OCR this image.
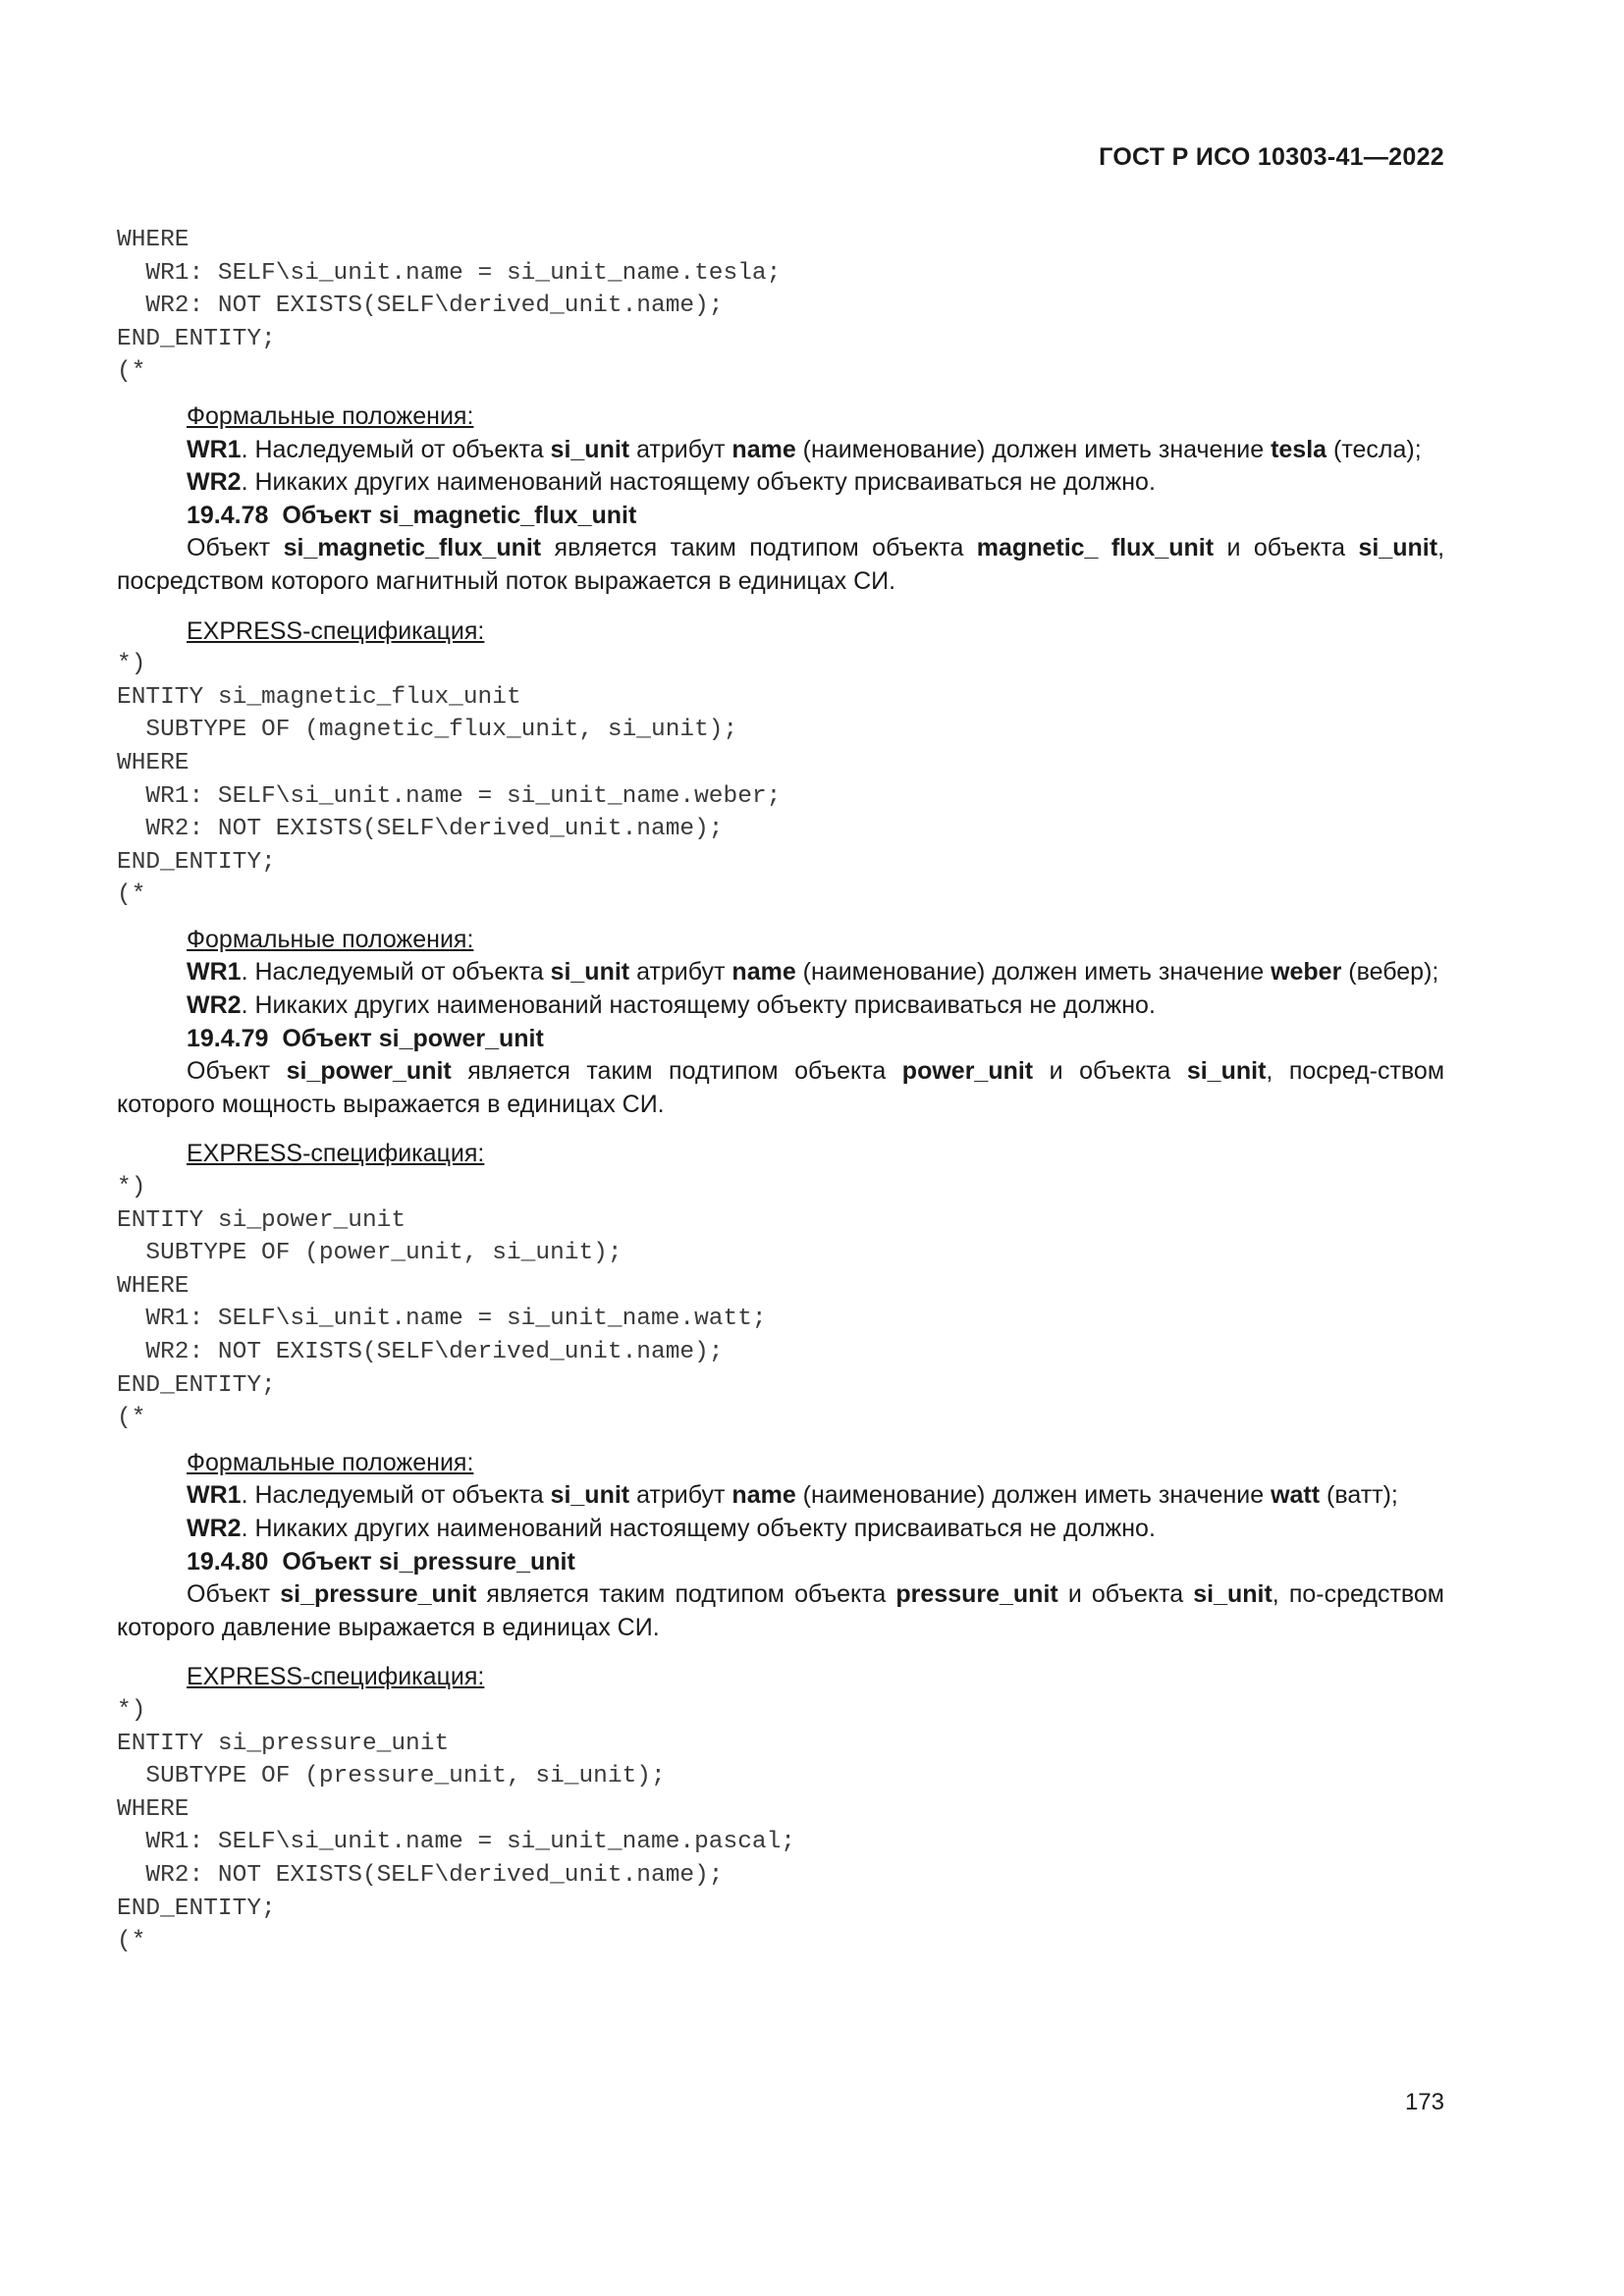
ГОСТ Р ИСО 10303-41—2022
WHERE
WR1: SELF\si_unit.name = si_unit_name.tesla;
WR2: NOT EXISTS(SELF\derived_unit.name);
END_ENTITY;
(*

Формальные положения:

WR1. Наследуемый от объекта si_unit атрибут name (наименование) должен иметь значение tesla (тесла);

WR2. Никаких других наименований настоящему объекту присваиваться не должно.

19.4.78 Объект si_magnetic_flux_unit

Объект si_magnetic_flux_unit является таким подтипом объекта magnetic_ flux_unit и объекта si_unit, посредством которого магнитный поток выражается в единицах СИ.

EXPRESS-спецификация:

*)
ENTITY si_magnetic_flux_unit
SUBTYPE OF (magnetic_flux_unit, si_unit);
WHERE
WR1: SELF\si_unit.name = si_unit_name.weber;
WR2: NOT EXISTS(SELF\derived_unit.name);
END_ENTITY;
(*

Формальные положения:

WR1. Наследуемый от объекта si_unit атрибут name (наименование) должен иметь значение weber (вебер);

WR2. Никаких других наименований настоящему объекту присваиваться не должно.

19.4.79 Объект si_power_unit

Объект si_power_unit является таким подтипом объекта power_unit и объекта si_unit, посред-ством которого мощность выражается в единицах СИ.

EXPRESS-спецификация:

*)
ENTITY si_power_unit
SUBTYPE OF (power_unit, si_unit);
WHERE
WR1: SELF\si_unit.name = si_unit_name.watt;
WR2: NOT EXISTS(SELF\derived_unit.name);
END_ENTITY;
(*

Формальные положения:

WR1. Наследуемый от объекта si_unit атрибут name (наименование) должен иметь значение watt (ватт);

WR2. Никаких других наименований настоящему объекту присваиваться не должно.

19.4.80 Объект si_pressure_unit

Объект si_pressure_unit является таким подтипом объекта pressure_unit и объекта si_unit, по-средством которого давление выражается в единицах СИ.

EXPRESS-спецификация:

*)
ENTITY si_pressure_unit
SUBTYPE OF (pressure_unit, si_unit);
WHERE
WR1: SELF\si_unit.name = si_unit_name.pascal;
WR2: NOT EXISTS(SELF\derived_unit.name);
END_ENTITY;
(*
173
